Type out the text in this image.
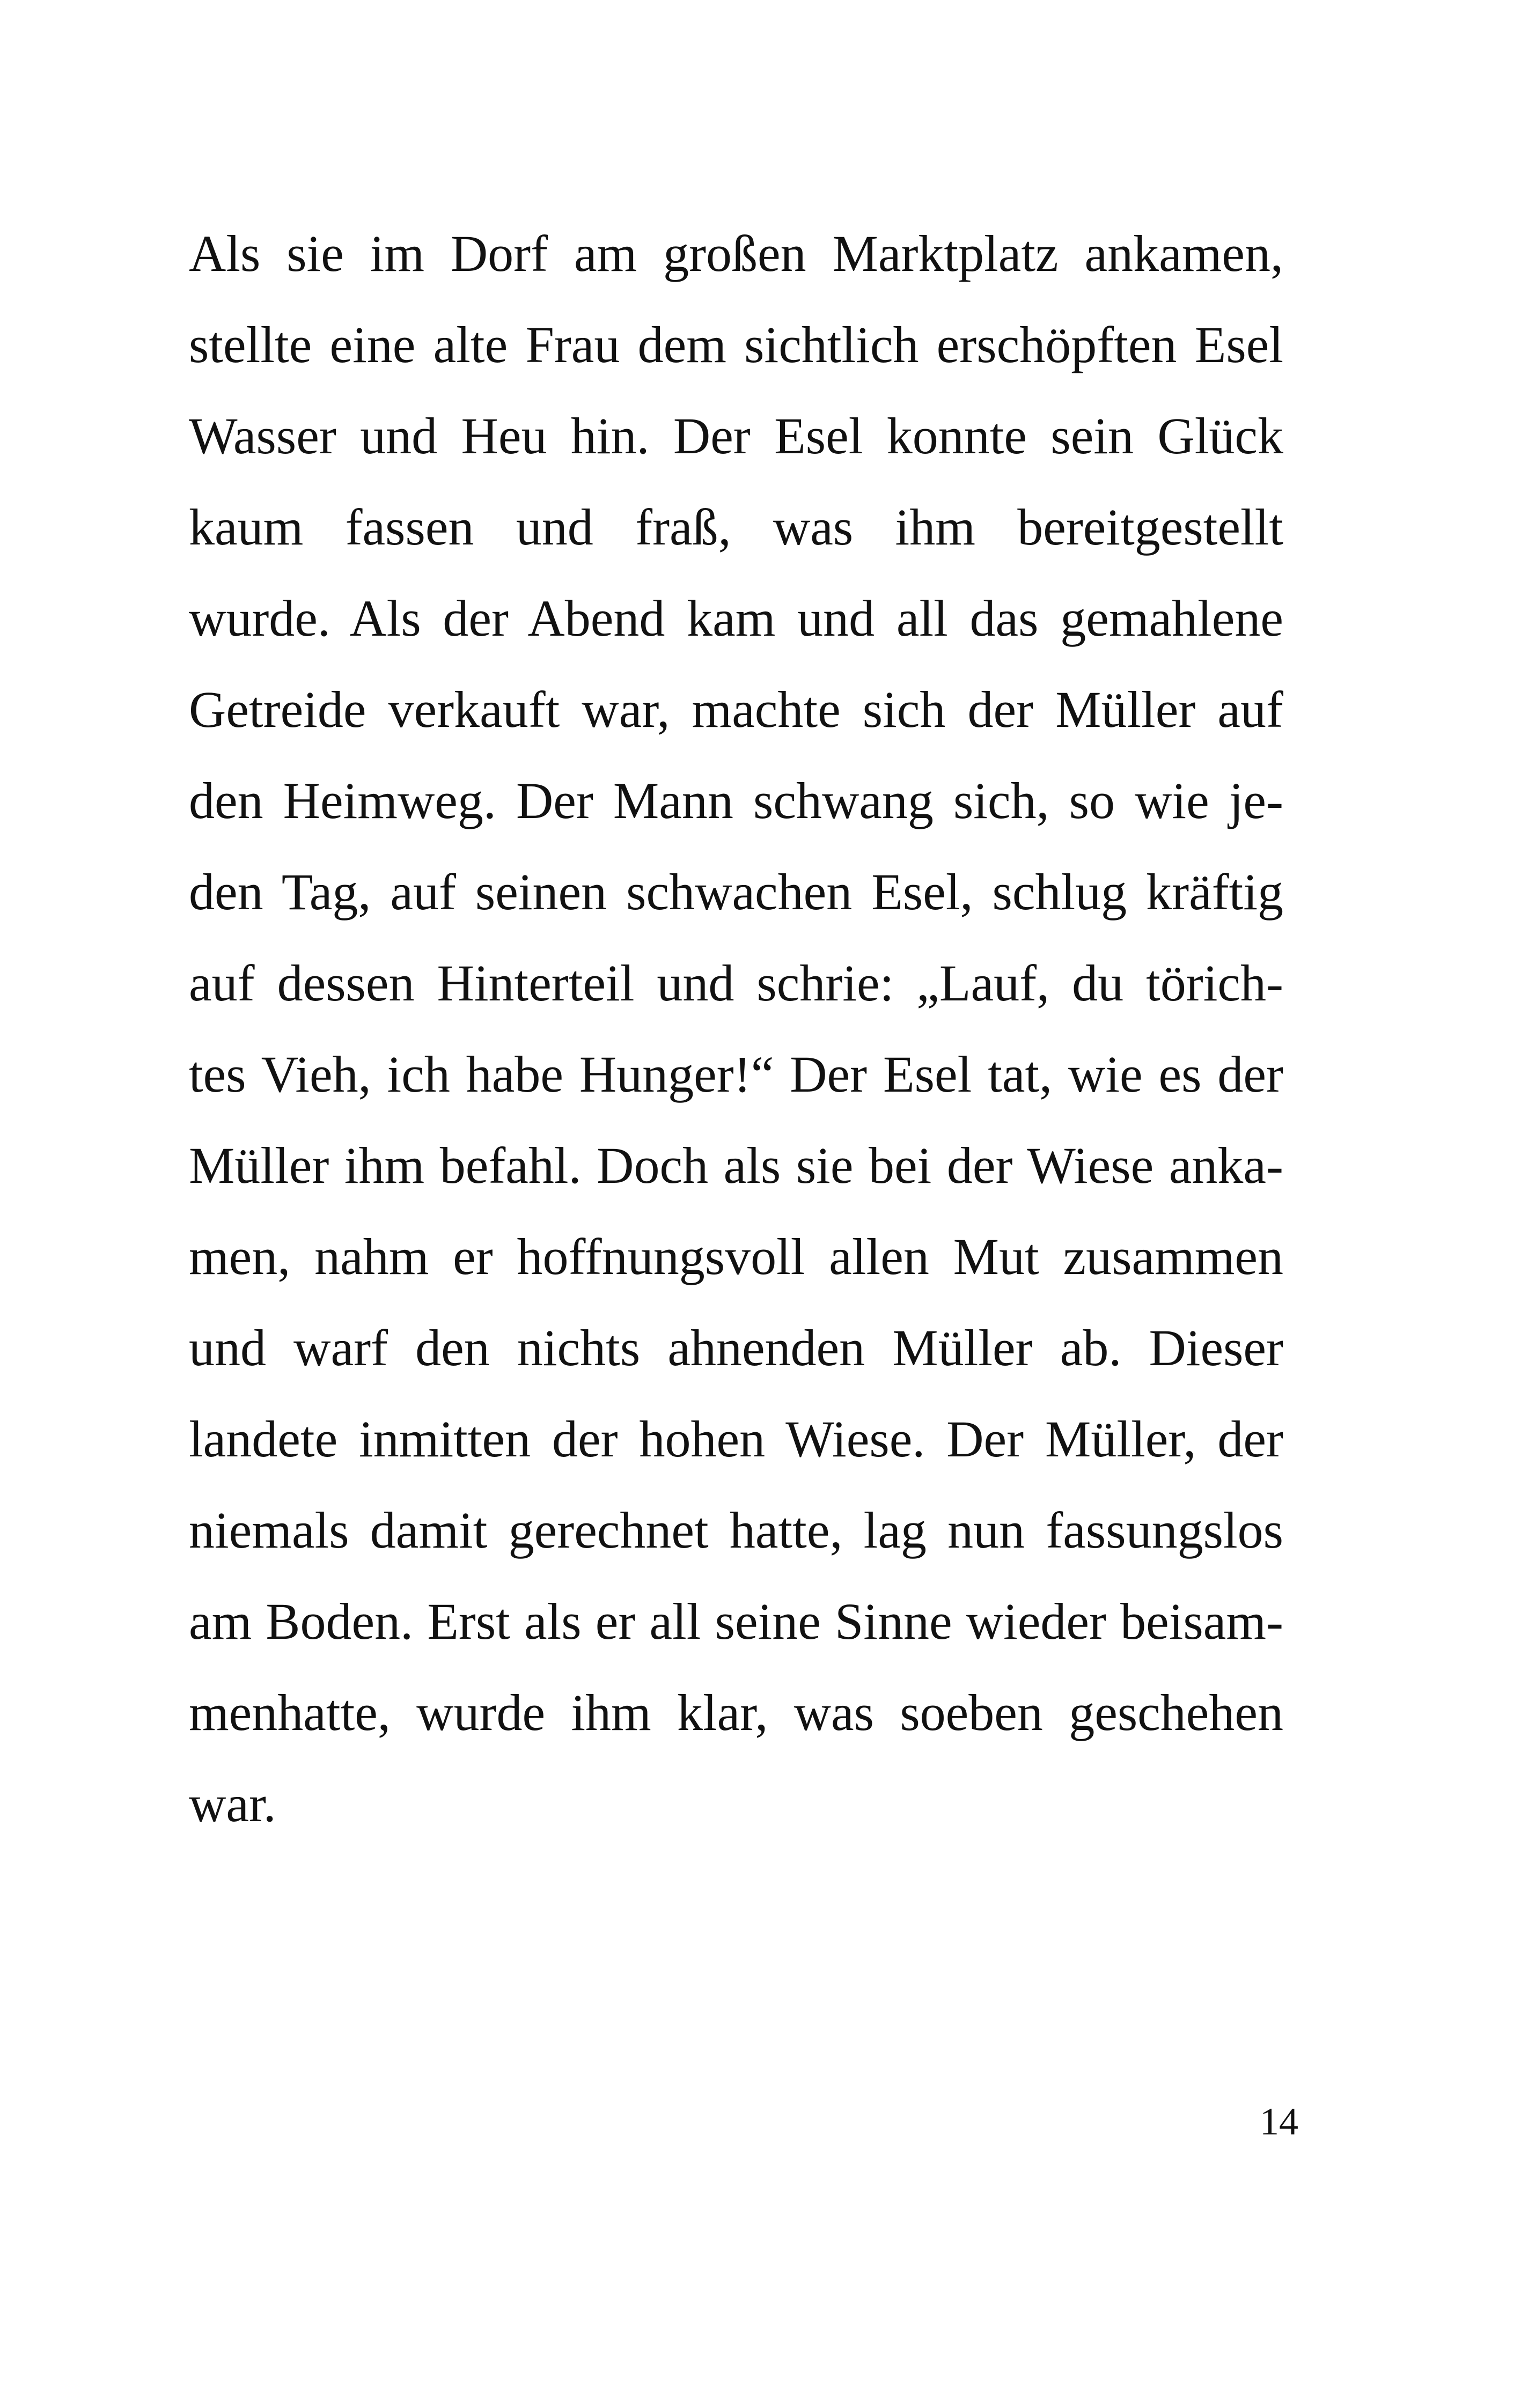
Als sie im Dorf am großen Marktplatz ankamen,
stellte eine alte Frau dem sichtlich erschöpften Esel
Wasser und Heu hin. Der Esel konnte sein Glück
kaum fassen und fraß, was ihm bereitgestellt
wurde. Als der Abend kam und all das gemahlene
Getreide verkauft war, machte sich der Müller auf
den Heimweg. Der Mann schwang sich, so wie je-
den Tag, auf seinen schwachen Esel, schlug kräftig
auf dessen Hinterteil und schrie: „Lauf, du törich-
tes Vieh, ich habe Hunger!“ Der Esel tat, wie es der
Müller ihm befahl. Doch als sie bei der Wiese anka-
men, nahm er hoffnungsvoll allen Mut zusammen
und warf den nichts ahnenden Müller ab. Dieser
landete inmitten der hohen Wiese. Der Müller, der
niemals damit gerechnet hatte, lag nun fassungslos
am Boden. Erst als er all seine Sinne wieder beisam-
menhatte, wurde ihm klar, was soeben geschehen
war.
14
